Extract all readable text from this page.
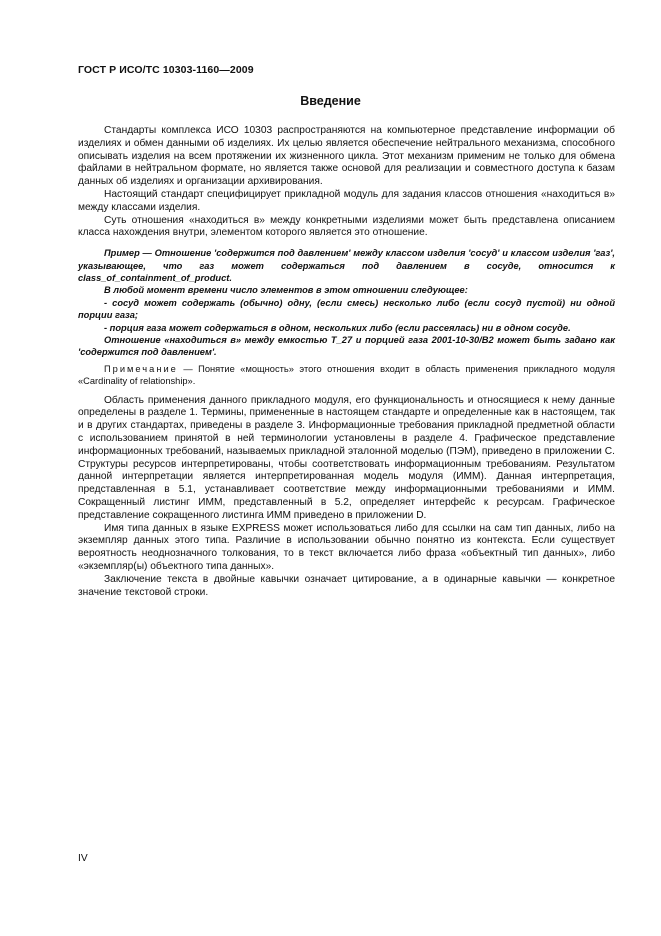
ГОСТ Р ИСО/ТС 10303-1160—2009
Введение

Стандарты комплекса ИСО 10303 распространяются на компьютерное представление информации об изделиях и обмен данными об изделиях. Их целью является обеспечение нейтрального механизма, способного описывать изделия на всем протяжении их жизненного цикла. Этот механизм применим не только для обмена файлами в нейтральном формате, но является также основой для реализации и совместного доступа к базам данных об изделиях и организации архивирования.

Настоящий стандарт специфицирует прикладной модуль для задания классов отношения «находиться в» между классами изделия.

Суть отношения «находиться в» между конкретными изделиями может быть представлена описанием класса нахождения внутри, элементом которого является это отношение.

Пример — Отношение 'содержится под давлением' между классом изделия 'сосуд' и классом изделия 'газ', указывающее, что газ может содержаться под давлением в сосуде, относится к class_of_containment_of_product.

В любой момент времени число элементов в этом отношении следующее:

- сосуд может содержать (обычно) одну, (если смесь) несколько либо (если сосуд пустой) ни одной порции газа;

- порция газа может содержаться в одном, нескольких либо (если рассеялась) ни в одном сосуде.

Отношение «находиться в» между емкостью T_27 и порцией газа 2001-10-30/B2 может быть задано как 'содержится под давлением'.

Примечание — Понятие «мощность» этого отношения входит в область применения прикладного модуля «Cardinality of relationship».

Область применения данного прикладного модуля, его функциональность и относящиеся к нему данные определены в разделе 1. Термины, примененные в настоящем стандарте и определенные как в настоящем, так и в других стандартах, приведены в разделе 3. Информационные требования прикладной предметной области с использованием принятой в ней терминологии установлены в разделе 4. Графическое представление информационных требований, называемых прикладной эталонной моделью (ПЭМ), приведено в приложении С. Структуры ресурсов интерпретированы, чтобы соответствовать информационным требованиям. Результатом данной интерпретации является интерпретированная модель модуля (ИММ). Данная интерпретация, представленная в 5.1, устанавливает соответствие между информационными требованиями и ИММ. Сокращенный листинг ИММ, представленный в 5.2, определяет интерфейс к ресурсам. Графическое представление сокращенного листинга ИММ приведено в приложении D.

Имя типа данных в языке EXPRESS может использоваться либо для ссылки на сам тип данных, либо на экземпляр данных этого типа. Различие в использовании обычно понятно из контекста. Если существует вероятность неоднозначного толкования, то в текст включается либо фраза «объектный тип данных», либо «экземпляр(ы) объектного типа данных».

Заключение текста в двойные кавычки означает цитирование, а в одинарные кавычки — конкретное значение текстовой строки.

IV
